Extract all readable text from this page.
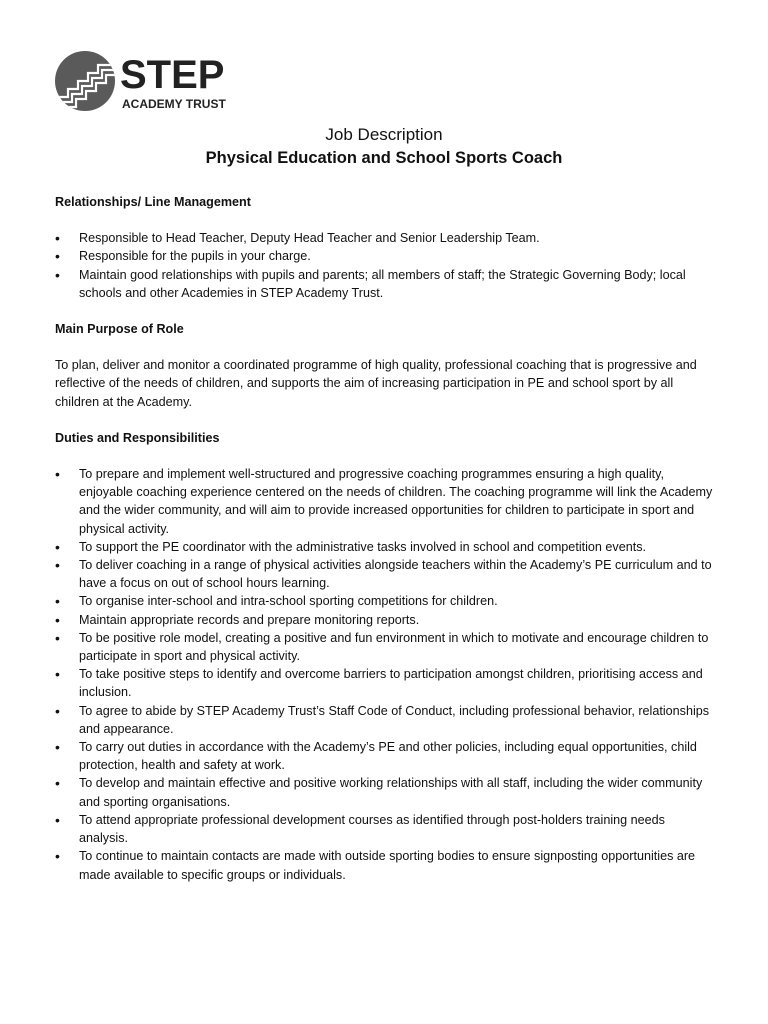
STEP
ACADEMY TRUST
Job Description
Physical Education and School Sports Coach
Relationships/ Line Management
• Responsible to Head Teacher, Deputy Head Teacher and Senior Leadership Team.
• Responsible for the pupils in your charge.
• Maintain good relationships with pupils and parents; all members of staff; the Strategic Governing Body; local schools and other Academies in STEP Academy Trust.
Main Purpose of Role

To plan, deliver and monitor a coordinated programme of high quality, professional coaching that is progressive and reflective of the needs of children, and supports the aim of increasing participation in PE and school sport by all children at the Academy.

Duties and Responsibilities
• To prepare and implement well-structured and progressive coaching programmes ensuring a high quality, enjoyable coaching experience centered on the needs of children. The coaching programme will link the Academy and the wider community, and will aim to provide increased opportunities for children to participate in sport and physical activity.
• To support the PE coordinator with the administrative tasks involved in school and competition events.
• To deliver coaching in a range of physical activities alongside teachers within the Academy’s PE curriculum and to have a focus on out of school hours learning.
• To organise inter-school and intra-school sporting competitions for children.
• Maintain appropriate records and prepare monitoring reports.
• To be positive role model, creating a positive and fun environment in which to motivate and encourage children to participate in sport and physical activity.
• To take positive steps to identify and overcome barriers to participation amongst children, prioritising access and inclusion.
• To agree to abide by STEP Academy Trust’s Staff Code of Conduct, including professional behavior, relationships and appearance.
• To carry out duties in accordance with the Academy’s PE and other policies, including equal opportunities, child protection, health and safety at work.
• To develop and maintain effective and positive working relationships with all staff, including the wider community and sporting organisations.
• To attend appropriate professional development courses as identified through post-holders training needs analysis.
• To continue to maintain contacts are made with outside sporting bodies to ensure signposting opportunities are made available to specific groups or individuals.
